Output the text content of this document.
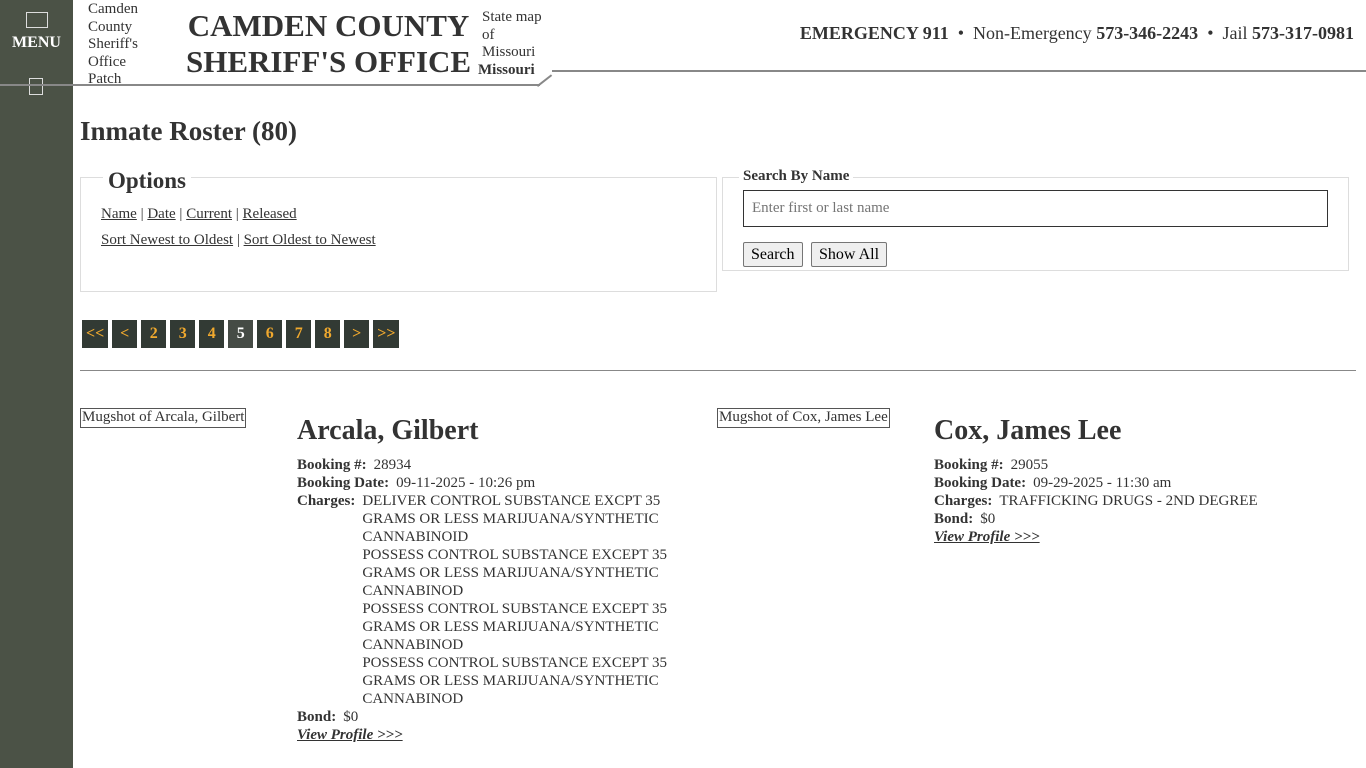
MENU
Camden County Sheriff's Office Patch
CAMDEN COUNTY
SHERIFF'S OFFICE
State map of Missouri
Missouri
EMERGENCY 911  •  Non-Emergency 573-346-2243  •  Jail 573-317-0981
Inmate Roster (80)
Options
Name | Date | Current | Released
Sort Newest to Oldest | Sort Oldest to Newest
Search By Name
Enter first or last name
Search	Show All
<< <	2	3	4	5	6	7	8	> >>
Mugshot of Arcala, Gilbert Arcala, Gilbert
Booking #: 28934
Booking Date: 09-11-2025 - 10:26 pm
Charges: DELIVER CONTROL SUBSTANCE EXCPT 35 GRAMS OR LESS MARIJUANA/SYNTHETIC CANNABINOID
POSSESS CONTROL SUBSTANCE EXCEPT 35 GRAMS OR LESS MARIJUANA/SYNTHETIC CANNABINOD
POSSESS CONTROL SUBSTANCE EXCEPT 35 GRAMS OR LESS MARIJUANA/SYNTHETIC CANNABINOD
POSSESS CONTROL SUBSTANCE EXCEPT 35 GRAMS OR LESS MARIJUANA/SYNTHETIC CANNABINOD
Bond: $0
View Profile >>>
Mugshot of Cox, James Lee Cox, James Lee
Booking #: 29055
Booking Date: 09-29-2025 - 11:30 am
Charges: TRAFFICKING DRUGS - 2ND DEGREE
Bond: $0
View Profile >>>
